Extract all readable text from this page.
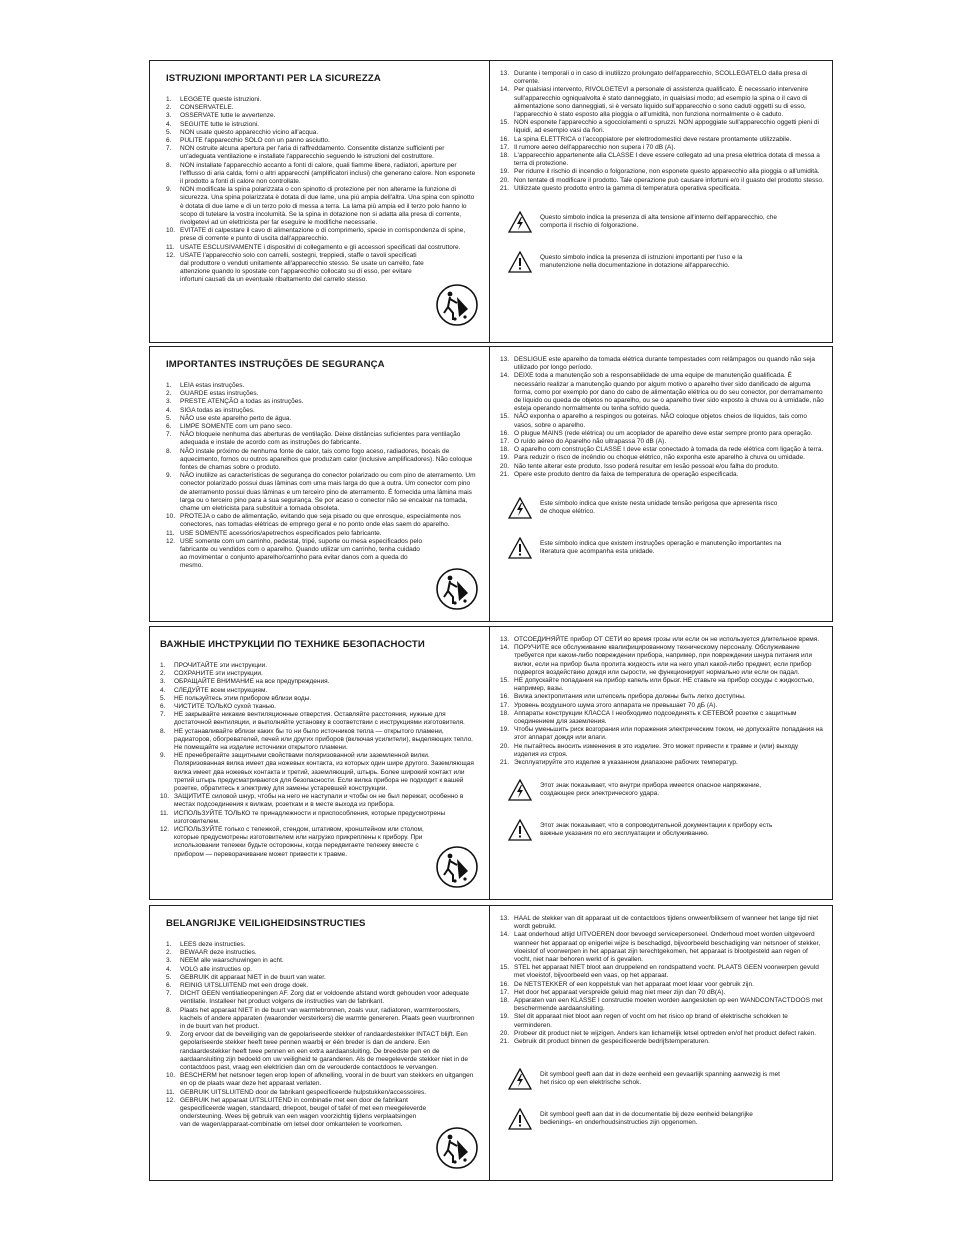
ISTRUZIONI IMPORTANTI PER LA SICUREZZA
1. LEGGETE queste istruzioni.
2. CONSERVATELE.
3. OSSERVATE tutte le avvertenze.
4. SEGUITE tutte le istruzioni.
5. NON usate questo apparecchio vicino all'acqua.
6. PULITE l'apparecchio SOLO con un panno asciutto.
7. NON ostruite alcuna apertura per l'aria di raffreddamento. Consentite distanze sufficienti per un'adeguata ventilazione e installate l'apparecchio seguendo le istruzioni del costruttore.
8. NON installate l'apparecchio accanto a fonti di calore, quali fiamme libere, radiatori, aperture per l'efflusso di aria calda, forni o altri apparecchi (amplificatori inclusi) che generano calore. Non esponete il prodotto a fonti di calore non controllate.
9. NON modificate la spina polarizzata o con spinotto di protezione per non alterarne la funzione di sicurezza. Una spina polarizzata è dotata di due lame, una più ampia dell'altra. Una spina con spinotto è dotata di due lame e di un terzo polo di messa a terra. La lama più ampia ed il terzo polo hanno lo scopo di tutelare la vostra incolumità. Se la spina in dotazione non si adatta alla presa di corrente, rivolgetevi ad un elettricista per far eseguire le modifiche necessarie.
10. EVITATE di calpestare il cavo di alimentazione o di comprimerlo, specie in corrispondenza di spine, prese di corrente e punto di uscita dall'apparecchio.
11. USATE ESCLUSIVAMENTE i dispositivi di collegamento e gli accessori specificati dal costruttore.
12. USATE l'apparecchio solo con carrelli, sostegni, treppiedi, staffe o tavoli specificati dal produttore o venduti unitamente all'apparecchio stesso. Se usate un carrello, fate attenzione quando lo spostate con l'apparecchio collocato su di esso, per evitare infortuni causati da un eventuale ribaltamento del carrello stesso.
13. Durante i temporali o in caso di inutilizzo prolungato dell'apparecchio, SCOLLEGATELO dalla presa di corrente.
14. Per qualsiasi intervento, RIVOLGETEVI a personale di assistenza qualificato. È necessario intervenire sull'apparecchio ogniqualvolta è stato danneggiato, in qualsiasi modo; ad esempio la spina o il cavo di alimentazione sono danneggiati, si è versato liquido sull'apparecchio o sono caduti oggetti su di esso, l'apparecchio è stato esposto alla pioggia o all'umidità, non funziona normalmente o è caduto.
15. NON esponete l'apparecchio a sgocciolamenti o spruzzi. NON appoggiate sull'apparecchio oggetti pieni di liquidi, ad esempio vasi da fiori.
16. La spina ELETTRICA o l'accoppiatore per elettrodomestici deve restare prontamente utilizzabile.
17. Il rumore aereo dell'apparecchio non supera i 70 dB (A).
18. L'apparecchio appartenente alla CLASSE I deve essere collegato ad una presa elettrica dotata di messa a terra di protezione.
19. Per ridurre il rischio di incendio o folgorazione, non esponete questo apparecchio alla pioggia o all'umidità.
20. Non tentate di modificare il prodotto. Tale operazione può causare infortuni e/o il guasto del prodotto stesso.
21. Utilizzate questo prodotto entro la gamma di temperatura operativa specificata.
Questo simbolo indica la presenza di alta tensione all'interno dell'apparecchio, che comporta il rischio di folgorazione.
Questo simbolo indica la presenza di istruzioni importanti per l'uso e la manutenzione nella documentazione in dotazione all'apparecchio.
IMPORTANTES INSTRUÇÕES DE SEGURANÇA
1. LEIA estas instruções.
2. GUARDE estas instruções.
3. PRESTE ATENÇÃO a todas as instruções.
4. SIGA todas as instruções.
5. NÃO use este aparelho perto de água.
6. LIMPE SOMENTE com um pano seco.
7. NÃO bloqueie nenhuma das aberturas de ventilação. Deixe distâncias suficientes para ventilação adequada e instale de acordo com as instruções do fabricante.
8. NÃO instale próximo de nenhuma fonte de calor, tais como fogo aceso, radiadores, bocais de aquecimento, fornos ou outros aparelhos que produzam calor (inclusive amplificadores). Não coloque fontes de chamas sobre o produto.
9. NÃO inutilize as características de segurança do conector polarizado ou com pino de aterramento. Um conector polarizado possui duas lâminas com uma mais larga do que a outra. Um conector com pino de aterramento possui duas lâminas e um terceiro pino de aterramento. É fornecida uma lâmina mais larga ou o terceiro pino para a sua segurança. Se por acaso o conector não se encaixar na tomada, chame um eletricista para substituir a tomada obsoleta.
10. PROTEJA o cabo de alimentação, evitando que seja pisado ou que enrosque, especialmente nos conectores, nas tomadas elétricas de emprego geral e no ponto onde elas saem do aparelho.
11. USE SOMENTE acessórios/apetrechos especificados pelo fabricante.
12. USE somente com um carrinho, pedestal, tripé, suporte ou mesa especificados pelo fabricante ou vendidos com o aparelho. Quando utilizar um carrinho, tenha cuidado ao movimentar o conjunto aparelho/carrinho para evitar danos com a queda do mesmo.
13. DESLIGUE este aparelho da tomada elétrica durante tempestades com relâmpagos ou quando não seja utilizado por longo período.
14. DEIXE toda a manutenção sob a responsabilidade de uma equipe de manutenção qualificada. É necessário realizar a manutenção quando por algum motivo o aparelho tiver sido danificado de alguma forma, como por exemplo por dano do cabo de alimentação elétrica ou do seu conector, por derramamento de líquido ou queda de objetos no aparelho, ou se o aparelho tiver sido exposto à chuva ou à umidade, não esteja operando normalmente ou tenha sofrido queda.
15. NÃO exponha o aparelho a respingos ou goteiras. NÃO coloque objetos cheios de líquidos, tais como vasos, sobre o aparelho.
16. O plugue MAINS (rede elétrica) ou um acoplador de aparelho deve estar sempre pronto para operação.
17. O ruído aéreo do Aparelho não ultrapassa 70 dB (A).
18. O aparelho com construção CLASSE I deve estar conectado à tomada da rede elétrica com ligação à terra.
19. Para reduzir o risco de incêndio ou choque elétrico, não exponha este aparelho à chuva ou umidade.
20. Não tente alterar este produto. Isso poderá resultar em lesão pessoal e/ou falha do produto.
21. Opere este produto dentro da faixa de temperatura de operação especificada.
Este símbolo indica que existe nesta unidade tensão perigosa que apresenta risco de choque elétrico.
Este símbolo indica que existem instruções operação e manutenção importantes na literatura que acompanha esta unidade.
ВАЖНЫЕ ИНСТРУКЦИИ ПО ТЕХНИКЕ БЕЗОПАСНОСТИ
1. ПРОЧИТАЙТЕ эти инструкции.
2. СОХРАНИТЕ эти инструкции.
3. ОБРАЩАЙТЕ ВНИМАНИЕ на все предупреждения.
4. СЛЕДУЙТЕ всем инструкциям.
5. НЕ пользуйтесь этим прибором вблизи воды.
6. ЧИСТИТЕ ТОЛЬКО сухой тканью.
7. НЕ закрывайте никакие вентиляционные отверстия. Оставляйте расстояния, нужные для достаточной вентиляции, и выполняйте установку в соответствии с инструкциями изготовителя.
8. НЕ устанавливайте вблизи каких бы то ни было источников тепла — открытого пламени, радиаторов, обогревателей, печей или других приборов (включая усилители), выделяющих тепло. Не помещайте на изделие источники открытого пламени.
9. НЕ пренебрегайте защитными свойствами поляризованной или заземленной вилки. Поляризованная вилка имеет два ножевых контакта, из которых один шире другого. Заземляющая вилка имеет два ножевых контакта и третий, заземляющий, штырь. Более широкий контакт или третий штырь предусматриваются для безопасности. Если вилка прибора не подходит к вашей розетке, обратитесь к электрику для замены устаревшей конструкции.
10. ЗАЩИТИТЕ силовой шнур, чтобы на него не наступали и чтобы он не был пережат, особенно в местах подсоединения к вилкам, розеткам и в месте выхода из прибора.
11. ИСПОЛЬЗУЙТЕ ТОЛЬКО те принадлежности и приспособления, которые предусмотрены изготовителем.
12. ИСПОЛЬЗУЙТЕ только с тележкой, стендом, штативом, кронштейном или столом, которые предусмотрены изготовителем или нагрузко прикреплены к прибору. При использовании тележки будьте осторожны, когда передвигаете тележку вместе с прибором — переворачивание может привести к травме.
13. ОТСОЕДИНЯЙТЕ прибор ОТ СЕТИ во время грозы или если он не используется длительное время.
14. ПОРУЧИТЕ все обслуживание квалифицированному техническому персоналу. Обслуживание требуется при каком-либо повреждении прибора, например, при повреждении шнура питания или вилки, если на прибор была пролита жидкость или на него упал какой-либо предмет, если прибор подвергся воздействию дождя или сырости, не функционирует нормально или если он падал.
15. НЕ допускайте попадания на прибор капель или брызг. НЕ ставьте на прибор сосуды с жидкостью, например, вазы.
16. Вилка электропитания или штепсель прибора должны быть легко доступны.
17. Уровень воздушного шума этого аппарата не превышает 70 дБ (A).
18. Аппараты конструкции КЛАССА I необходимо подсоединять к СЕТЕВОЙ розетке с защитным соединением для заземления.
19. Чтобы уменьшить риск возгорания или поражения электрическим током, не допускайте попадания на этот аппарат дождя или влаги.
20. Не пытайтесь вносить изменения в это изделие. Это может привести к травме и (или) выходу изделия из строя.
21. Эксплуатируйте это изделие в указанном диапазоне рабочих температур.
Этот знак показывает, что внутри прибора имеется опасное напряжение, создающее риск электрического удара.
Этот знак показывает, что в сопроводительной документации к прибору есть важные указания по его эксплуатации и обслуживанию.
BELANGRIJKE VEILIGHEIDSINSTRUCTIES
1. LEES deze instructies.
2. BEWAAR deze instructies.
3. NEEM alle waarschuwingen in acht.
4. VOLG alle instructies op.
5. GEBRUIK dit apparaat NIET in de buurt van water.
6. REINIG UITSLUITEND met een droge doek.
7. DICHT GEEN ventilatieopeningen AF. Zorg dat er voldoende afstand wordt gehouden voor adequate ventilatie. Installeer het product volgens de instructies van de fabrikant.
8. Plaats het apparaat NIET in de buurt van warmtebronnen, zoals vuur, radiatoren, warmteroosters, kachels of andere apparaten (waaronder versterkers) die warmte genereren. Plaats geen vuurbronnen in de buurt van het product.
9. Zorg ervoor dat de beveiliging van de gepolariseerde stekker of randaardestekker INTACT blijft. Een gepolariseerde stekker heeft twee pennen waarbij er één breder is dan de andere. Een randaardestekker heeft twee pennen en een extra aardaansluiting. De breedste pen en de aardaansluiting zijn bedoeld om uw veiligheid te garanderen. Als de meegeleverde stekker niet in de contactdoos past, vraag een elektricien dan om de verouderde contactdoos te vervangen.
10. BESCHERM het netsnoer tegen erop lopen of afknelling, vooral in de buurt van stekkers en uitgangen en op de plaats waar deze het apparaat verlaten.
11. GEBRUIK UITSLUITEND door de fabrikant gespecificeerde hulpstukken/accessoires.
12. GEBRUIK het apparaat UITSLUITEND in combinatie met een door de fabrikant gespecificeerde wagen, standaard, driepoot, beugel of tafel of met een meegeleverde ondersteuning. Wees bij gebruik van een wagen voorzichtig tijdens verplaatsingen van de wagen/apparaat-combinatie om letsel door omkantelen te voorkomen.
13. HAAL de stekker van dit apparaat uit de contactdoos tijdens onweer/bliksem of wanneer het lange tijd niet wordt gebruikt.
14. Laat onderhoud altijd UITVOEREN door bevoegd servicepersoneel. Onderhoud moet worden uitgevoerd wanneer het apparaat op enigerlei wijze is beschadigd, bijvoorbeeld beschadiging van netsnoer of stekker, vloeistof of voorwerpen in het apparaat zijn terechtgekomen, het apparaat is blootgesteld aan regen of vocht, niet naar behoren werkt of is gevallen.
15. STEL het apparaat NIET bloot aan druppelend en rondspattend vocht. PLAATS GEEN voorwerpen gevuld met vloeistof, bijvoorbeeld een vaas, op het apparaat.
16. De NETSTEKKER of een koppelstuk van het apparaat moet klaar voor gebruik zijn.
17. Het door het apparaat verspreide geluid mag niet meer zijn dan 70 dB(A).
18. Apparaten van een KLASSE I constructie moeten worden aangesloten op een WANDCONTACTDOOS met beschermende aardaansluiting.
19. Stel dit apparaat niet bloot aan regen of vocht om het risico op brand of elektrische schokken te verminderen.
20. Probeer dit product niet te wijzigen. Anders kan lichamelijk letsel optreden en/of het product defect raken.
21. Gebruik dit product binnen de gespecificeerde bedrijfstemperaturen.
Dit symbool geeft aan dat in deze eenheid een gevaarlijk spanning aanwezig is met het risico op een elektrische schok.
Dit symbool geeft aan dat in de documentatie bij deze eenheid belangrijke bedienings- en onderhoudsinstructies zijn opgenomen.
